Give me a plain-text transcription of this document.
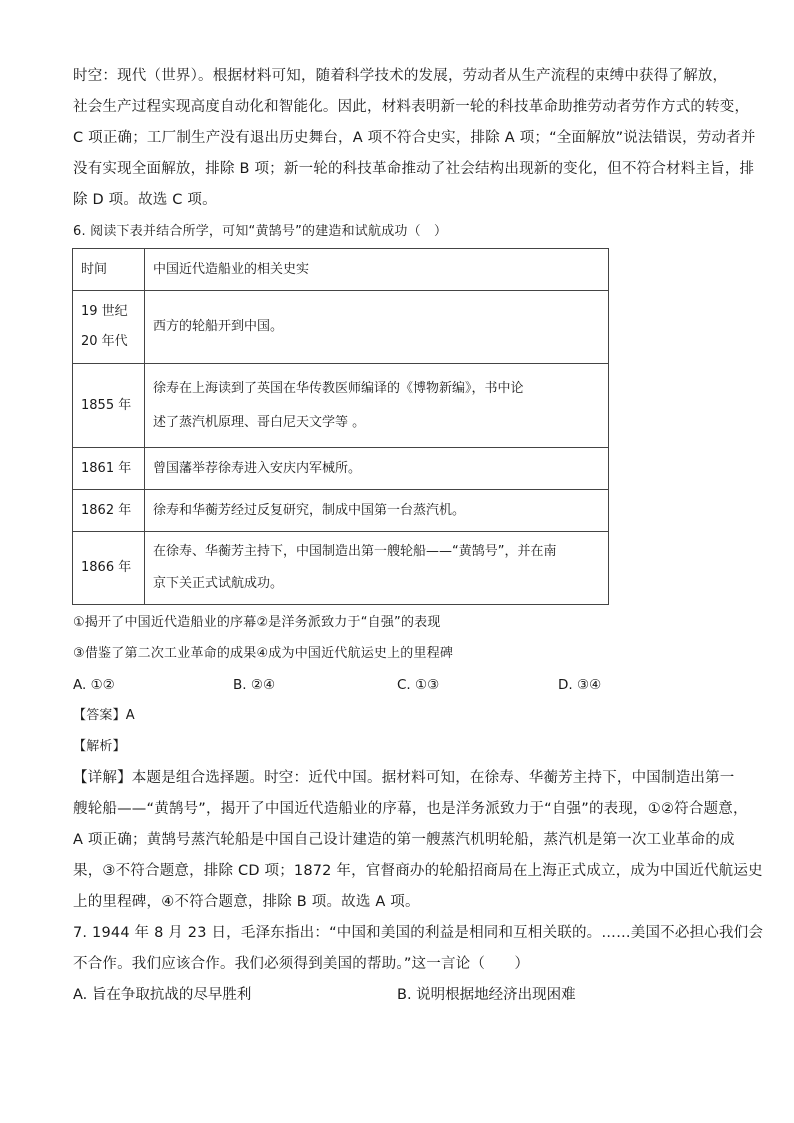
时空：现代（世界）。根据材料可知，随着科学技术的发展，劳动者从生产流程的束缚中获得了解放，
社会生产过程实现高度自动化和智能化。因此，材料表明新一轮的科技革命助推劳动者劳作方式的转变，
C 项正确；工厂制生产没有退出历史舞台，A 项不符合史实，排除 A 项；“全面解放”说法错误，劳动者并
没有实现全面解放，排除 B 项；新一轮的科技革命推动了社会结构出现新的变化，但不符合材料主旨，排
除 D 项。故选 C 项。
6. 阅读下表并结合所学，可知“黄鹄号”的建造和试航成功（　）
时间	中国近代造船业的相关史实

19 世纪
20 年代	西方的轮船开到中国。

1855 年	徐寿在上海读到了英国在华传教医师编译的《博物新编》，书中论
述了蒸汽机原理、哥白尼天文学等 。

1861 年	曾国藩举荐徐寿进入安庆内军械所。

1862 年	徐寿和华蘅芳经过反复研究，制成中国第一台蒸汽机。

1866 年	在徐寿、华蘅芳主持下，中国制造出第一艘轮船——“黄鹄号”，并在南
京下关正式试航成功。
①揭开了中国近代造船业的序幕②是洋务派致力于“自强”的表现
③借鉴了第二次工业革命的成果④成为中国近代航运史上的里程碑
A. ①②	B. ②④	C. ①③	D. ③④
【答案】A
【解析】
【详解】本题是组合选择题。时空：近代中国。据材料可知，在徐寿、华蘅芳主持下，中国制造出第一
艘轮船——“黄鹄号”，揭开了中国近代造船业的序幕，也是洋务派致力于“自强”的表现，①②符合题意，
A 项正确；黄鹄号蒸汽轮船是中国自己设计建造的第一艘蒸汽机明轮船，蒸汽机是第一次工业革命的成
果，③不符合题意，排除 CD 项；1872 年，官督商办的轮船招商局在上海正式成立，成为中国近代航运史
上的里程碑，④不符合题意，排除 B 项。故选 A 项。
7. 1944 年 8 月 23 日，毛泽东指出：“中国和美国的利益是相同和互相关联的。……美国不必担心我们会
不合作。我们应该合作。我们必须得到美国的帮助。”这一言论（　　）
A. 旨在争取抗战的尽早胜利	B. 说明根据地经济出现困难
